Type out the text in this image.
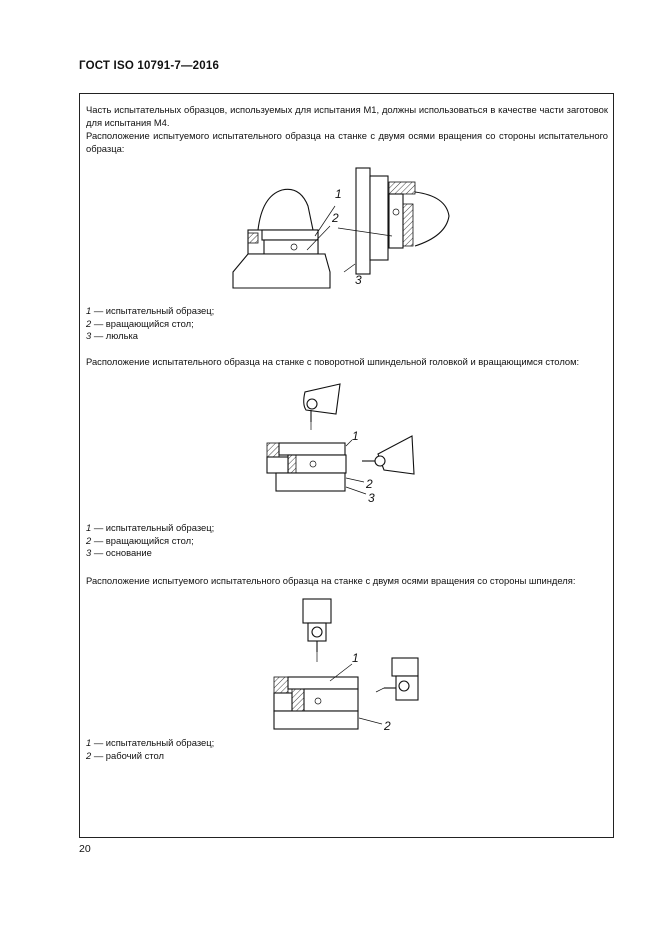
ГОСТ ISO 10791-7—2016
Часть испытательных образцов, используемых для испытания М1, должны использоваться в качестве части заготовок для испытания М4.
Расположение испытуемого испытательного образца на станке с двумя осями вращения со стороны испытательного образца:
1
2
3
1 — испытательный образец;
2 — вращающийся стол;
3 — люлька
Расположение испытательного образца на станке с поворотной шпиндельной головкой и вращающимся столом:
1
2
3
1 — испытательный образец;
2 — вращающийся стол;
3 — основание
Расположение испытуемого испытательного образца на станке с двумя осями вращения со стороны шпинделя:
1
2
1 — испытательный образец;
2 — рабочий стол
20
